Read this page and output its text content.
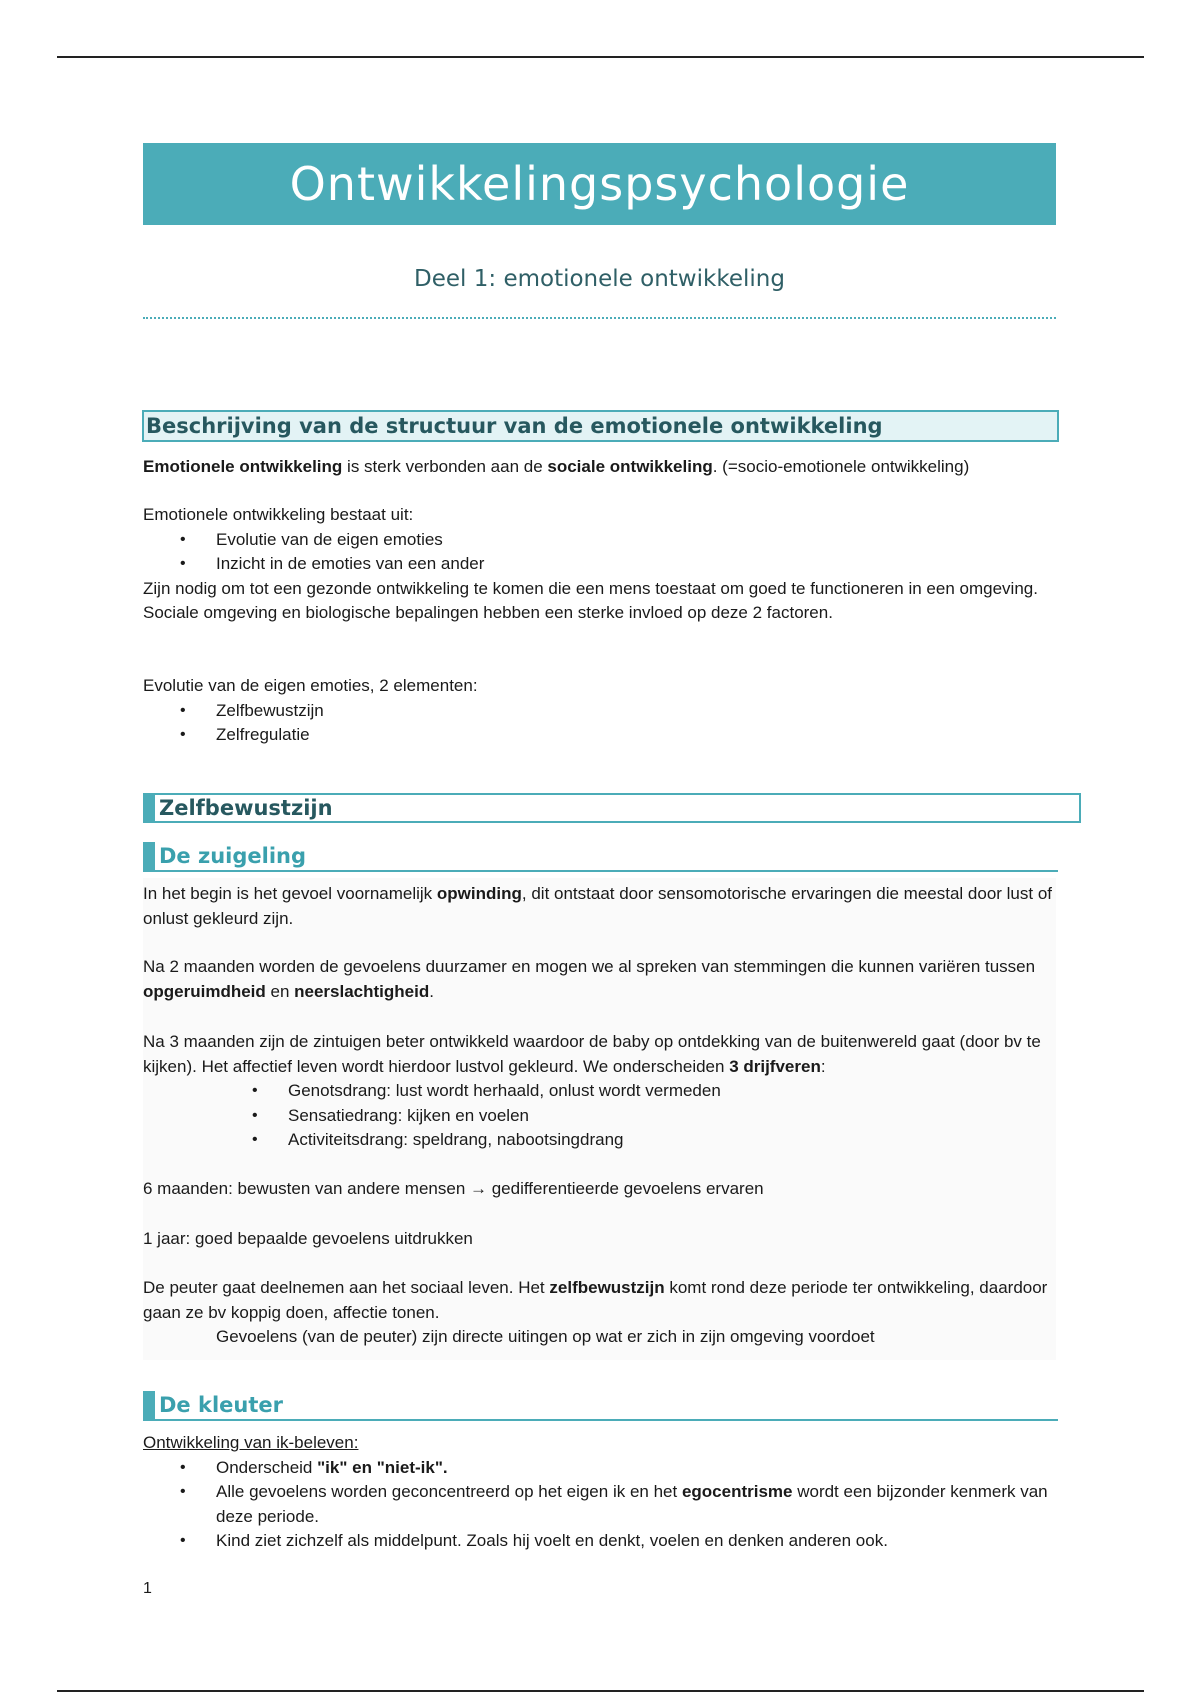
Ontwikkelingspsychologie
Deel 1: emotionele ontwikkeling
Beschrijving van de structuur van de emotionele ontwikkeling

Emotionele ontwikkeling is sterk verbonden aan de sociale ontwikkeling. (=socio-emotionele ontwikkeling)

Emotionele ontwikkeling bestaat uit:

• Evolutie van de eigen emoties
• Inzicht in de emoties van een ander

Zijn nodig om tot een gezonde ontwikkeling te komen die een mens toestaat om goed te functioneren in een omgeving.

Sociale omgeving en biologische bepalingen hebben een sterke invloed op deze 2 factoren.

Evolutie van de eigen emoties, 2 elementen:

• Zelfbewustzijn
• Zelfregulatie
Zelfbewustzijn
De zuigeling

In het begin is het gevoel voornamelijk opwinding, dit ontstaat door sensomotorische ervaringen die meestal door lust of onlust gekleurd zijn.

Na 2 maanden worden de gevoelens duurzamer en mogen we al spreken van stemmingen die kunnen variëren tussen opgeruimdheid en neerslachtigheid.

Na 3 maanden zijn de zintuigen beter ontwikkeld waardoor de baby op ontdekking van de buitenwereld gaat (door bv te kijken). Het affectief leven wordt hierdoor lustvol gekleurd. We onderscheiden 3 drijfveren:

• Genotsdrang: lust wordt herhaald, onlust wordt vermeden
• Sensatiedrang: kijken en voelen
• Activiteitsdrang: speldrang, nabootsingdrang
6 maanden: bewusten van andere mensen → gedifferentieerde gevoelens ervaren
1 jaar: goed bepaalde gevoelens uitdrukken

De peuter gaat deelnemen aan het sociaal leven. Het zelfbewustzijn komt rond deze periode ter ontwikkeling, daardoor gaan ze bv koppig doen, affectie tonen.

Gevoelens (van de peuter) zijn directe uitingen op wat er zich in zijn omgeving voordoet

De kleuter

Ontwikkeling van ik-beleven:

• Onderscheid "ik" en "niet-ik".
• Alle gevoelens worden geconcentreerd op het eigen ik en het egocentrisme wordt een bijzonder kenmerk van deze periode.
• Kind ziet zichzelf als middelpunt. Zoals hij voelt en denkt, voelen en denken anderen ook.
1
